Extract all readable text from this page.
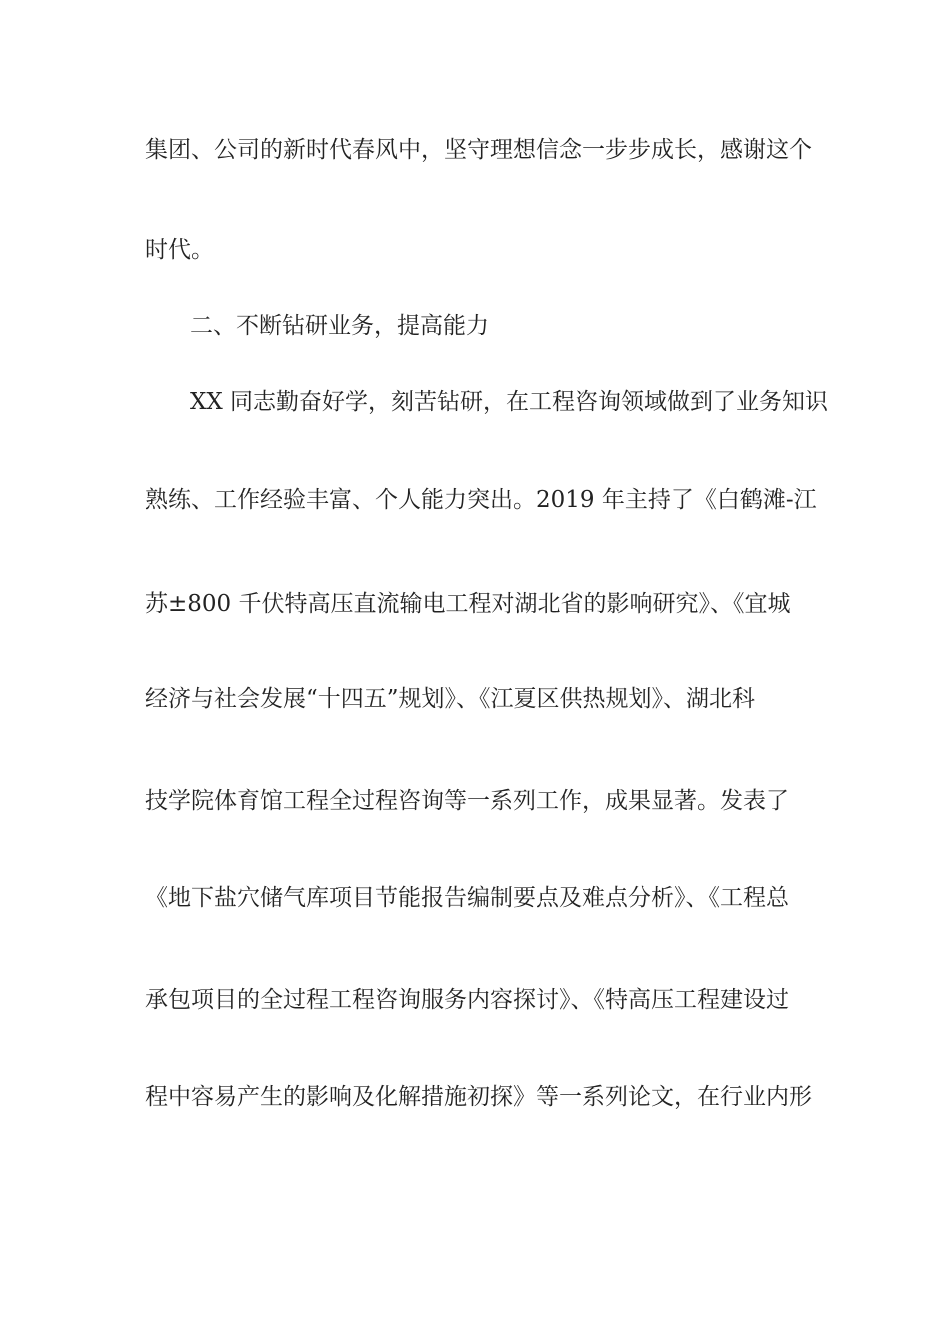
集团、公司的新时代春风中，坚守理想信念一步步成长，感谢这个
时代。
二、不断钻研业务，提高能力
XX 同志勤奋好学，刻苦钻研，在工程咨询领域做到了业务知识
熟练、工作经验丰富、个人能力突出。2019 年主持了《白鹤滩-江
苏±800 千伏特高压直流输电工程对湖北省的影响研究》、《宜城
经济与社会发展“十四五”规划》、《江夏区供热规划》、湖北科
技学院体育馆工程全过程咨询等一系列工作，成果显著。发表了
《地下盐穴储气库项目节能报告编制要点及难点分析》、《工程总
承包项目的全过程工程咨询服务内容探讨》、《特高压工程建设过
程中容易产生的影响及化解措施初探》等一系列论文，在行业内形
